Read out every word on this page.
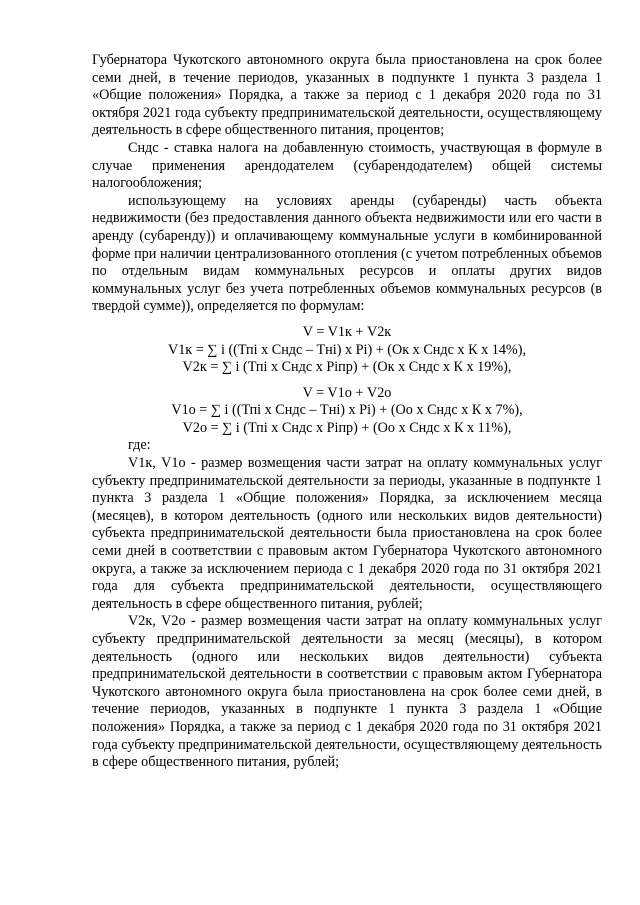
Губернатора Чукотского автономного округа была приостановлена на срок более семи дней, в течение периодов, указанных в подпункте 1 пункта 3 раздела 1 «Общие положения» Порядка, а также за период с 1 декабря 2020 года по 31 октября 2021 года субъекту предпринимательской деятельности, осуществляющему деятельность в сфере общественного питания, процентов;

Сндс - ставка налога на добавленную стоимость, участвующая в формуле в случае применения арендодателем (субарендодателем) общей системы налогообложения;

использующему на условиях аренды (субаренды) часть объекта недвижимости (без предоставления данного объекта недвижимости или его части в аренду (субаренду)) и оплачивающему коммунальные услуги в комбинированной форме при наличии централизованного отопления (с учетом потребленных объемов по отдельным видам коммунальных ресурсов и оплаты других видов коммунальных услуг без учета потребленных объемов коммунальных ресурсов (в твердой сумме)), определяется по формулам:

V = V1к + V2к

V1к = ∑ i ((Тпi х Сндс – Тнi) х Рi) + (Ок х Сндс х К х 14%),

V2к = ∑ i (Тпi х Сндс х Рiпр) + (Ок х Сндс х К х 19%),

V = V1о + V2о

V1о = ∑ i ((Тпi х Сндс – Тнi) х Рi) + (Оо х Сндс х К х 7%),

V2о = ∑ i (Тпi х Сндс х Рiпр) + (Оо х Сндс х К х 11%),

где:

V1к, V1о - размер возмещения части затрат на оплату коммунальных услуг субъекту предпринимательской деятельности за периоды, указанные в подпункте 1 пункта 3 раздела 1 «Общие положения» Порядка, за исключением месяца (месяцев), в котором деятельность (одного или нескольких видов деятельности) субъекта предпринимательской деятельности была приостановлена на срок более семи дней в соответствии с правовым актом Губернатора Чукотского автономного округа, а также за исключением периода с 1 декабря 2020 года по 31 октября 2021 года для субъекта предпринимательской деятельности, осуществляющего деятельность в сфере общественного питания, рублей;

V2к, V2о - размер возмещения части затрат на оплату коммунальных услуг субъекту предпринимательской деятельности за месяц (месяцы), в котором деятельность (одного или нескольких видов деятельности) субъекта предпринимательской деятельности в соответствии с правовым актом Губернатора Чукотского автономного округа была приостановлена на срок более семи дней, в течение периодов, указанных в подпункте 1 пункта 3 раздела 1 «Общие положения» Порядка, а также за период с 1 декабря 2020 года по 31 октября 2021 года субъекту предпринимательской деятельности, осуществляющему деятельность в сфере общественного питания, рублей;
